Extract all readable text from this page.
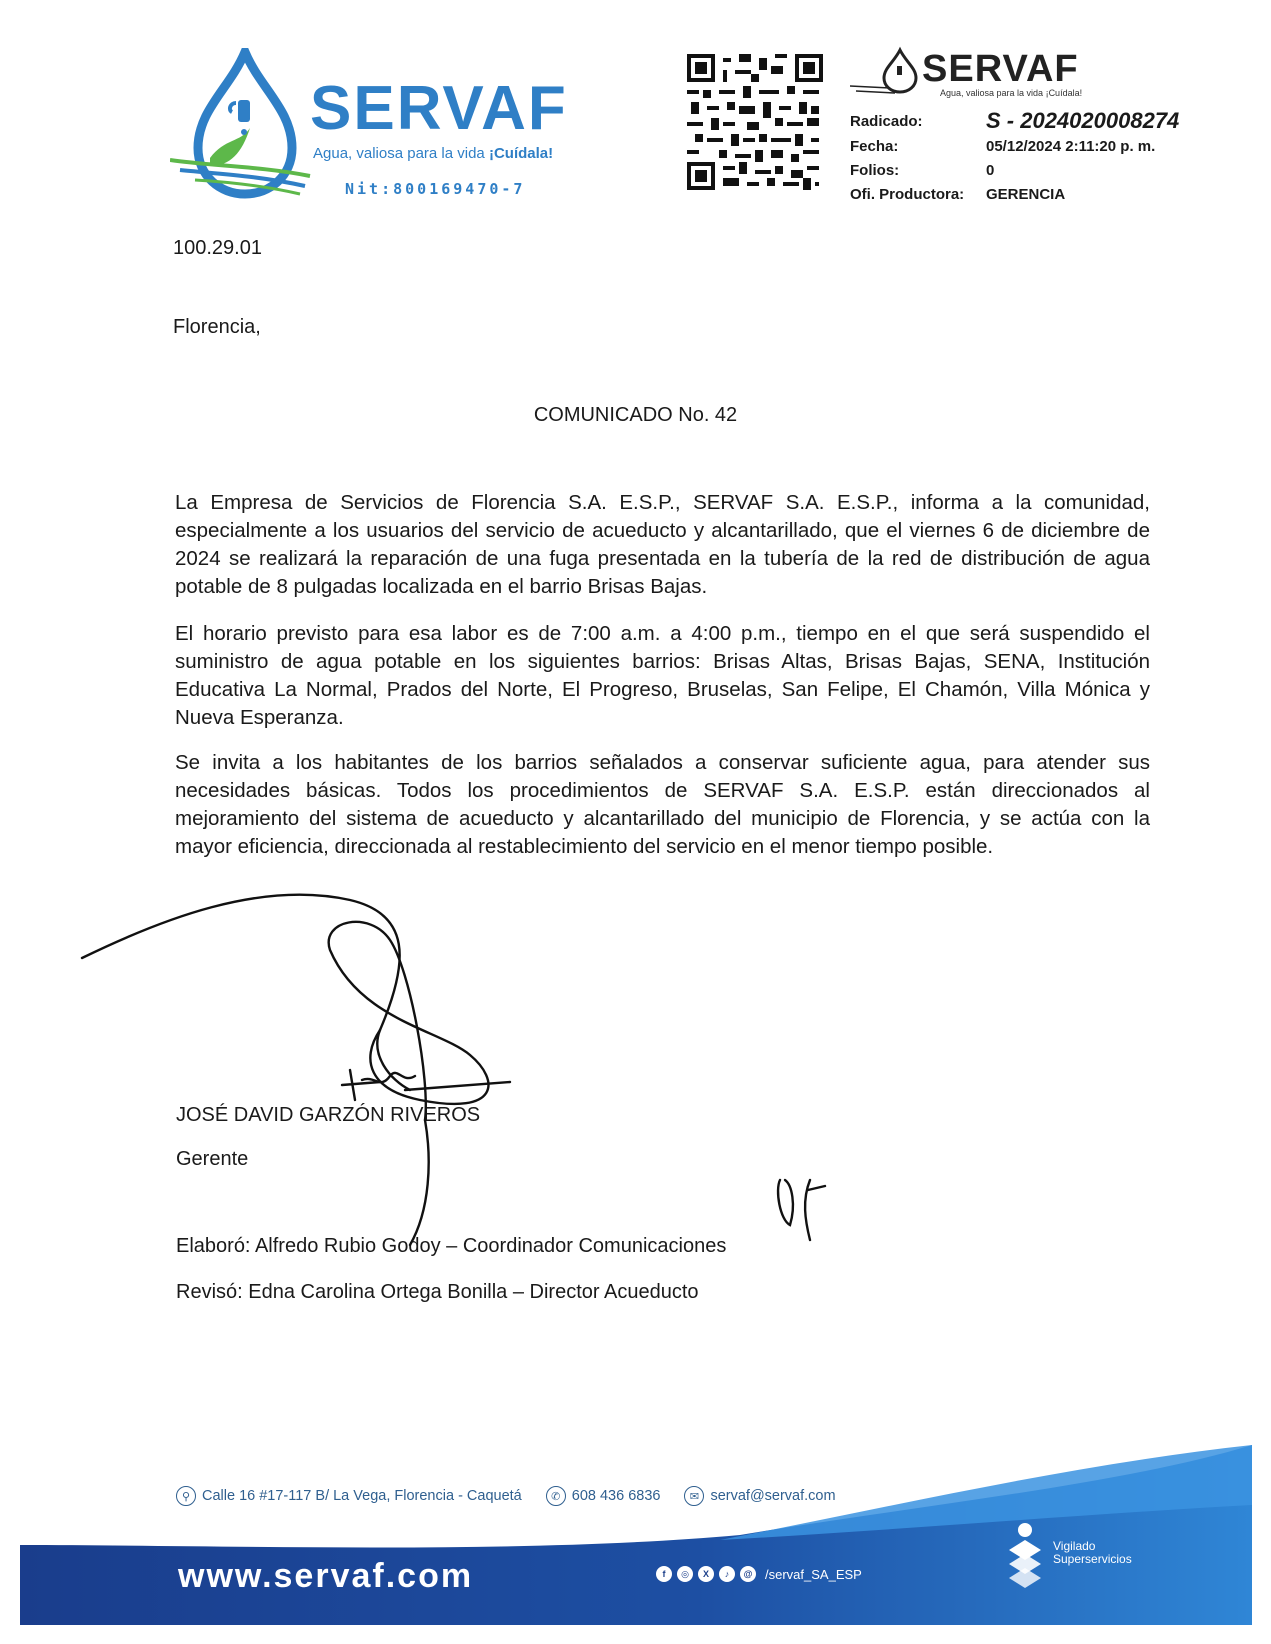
SERVAF
Agua, valiosa para la vida ¡Cuídala!
Nit:800169470-7
SERVAF
Agua, valiosa para la vida ¡Cuídala!
Radicado:	S - 2024020008274
Fecha:	05/12/2024 2:11:20 p. m.
Folios:	0
Ofi. Productora:	GERENCIA
100.29.01
Florencia,
COMUNICADO No. 42
La Empresa de Servicios de Florencia S.A. E.S.P., SERVAF S.A. E.S.P., informa a la comunidad, especialmente a los usuarios del servicio de acueducto y alcantarillado, que el viernes 6 de diciembre de 2024 se realizará la reparación de una fuga presentada en la tubería de la red de distribución de agua potable de 8 pulgadas localizada en el barrio Brisas Bajas.
El horario previsto para esa labor es de 7:00 a.m. a 4:00 p.m., tiempo en el que será suspendido el suministro de agua potable en los siguientes barrios: Brisas Altas, Brisas Bajas, SENA, Institución Educativa La Normal, Prados del Norte, El Progreso, Bruselas, San Felipe, El Chamón, Villa Mónica y Nueva Esperanza.
Se invita a los habitantes de los barrios señalados a conservar suficiente agua, para atender sus necesidades básicas. Todos los procedimientos de SERVAF S.A. E.S.P. están direccionados al mejoramiento del sistema de acueducto y alcantarillado del municipio de Florencia, y se actúa con la mayor eficiencia, direccionada al restablecimiento del servicio en el menor tiempo posible.
JOSÉ DAVID GARZÓN RIVEROS
Gerente
Elaboró: Alfredo Rubio Godoy – Coordinador Comunicaciones
Revisó: Edna Carolina Ortega Bonilla – Director Acueducto
⚲ Calle 16 #17-117 B/ La Vega, Florencia - Caquetá	✆ 608 436 6836	✉ servaf@servaf.com
www.servaf.com	f	◎	X	♪	@ /servaf_SA_ESP
Vigilado
Superservicios
